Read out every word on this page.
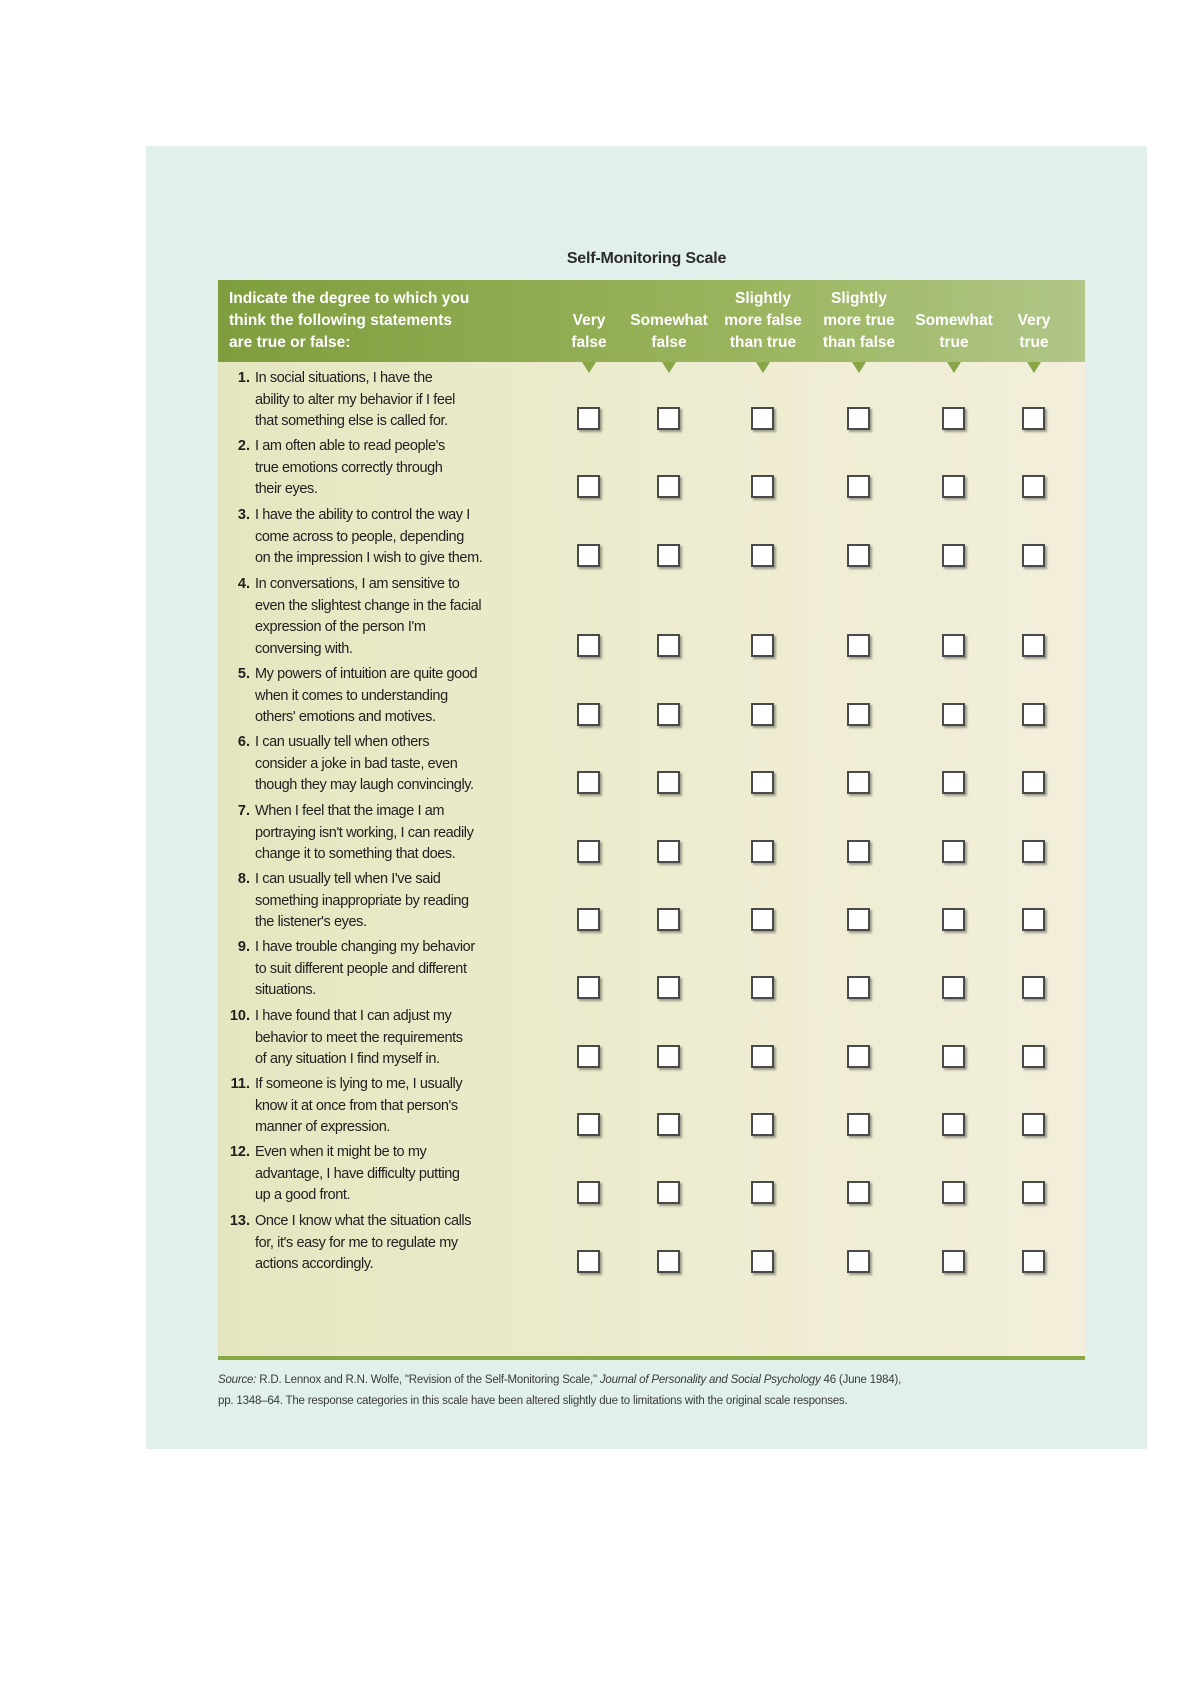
Self-Monitoring Scale
Indicate the degree to which you
think the following statements
are true or false:
Very
false
Somewhat
false
Slightly
more false
than true
Slightly
more true
than false
Somewhat
true
Very
true
1. In social situations, I have the
ability to alter my behavior if I feel
that something else is called for.
2. I am often able to read people's
true emotions correctly through
their eyes.
3. I have the ability to control the way I
come across to people, depending
on the impression I wish to give them.
4. In conversations, I am sensitive to
even the slightest change in the facial
expression of the person I'm
conversing with.
5. My powers of intuition are quite good
when it comes to understanding
others' emotions and motives.
6. I can usually tell when others
consider a joke in bad taste, even
though they may laugh convincingly.
7. When I feel that the image I am
portraying isn't working, I can readily
change it to something that does.
8. I can usually tell when I've said
something inappropriate by reading
the listener's eyes.
9. I have trouble changing my behavior
to suit different people and different
situations.
10. I have found that I can adjust my
behavior to meet the requirements
of any situation I find myself in.
11. If someone is lying to me, I usually
know it at once from that person's
manner of expression.
12. Even when it might be to my
advantage, I have difficulty putting
up a good front.
13. Once I know what the situation calls
for, it's easy for me to regulate my
actions accordingly.
Source: R.D. Lennox and R.N. Wolfe, "Revision of the Self-Monitoring Scale," Journal of Personality and Social Psychology 46 (June 1984),
pp. 1348–64. The response categories in this scale have been altered slightly due to limitations with the original scale responses.
